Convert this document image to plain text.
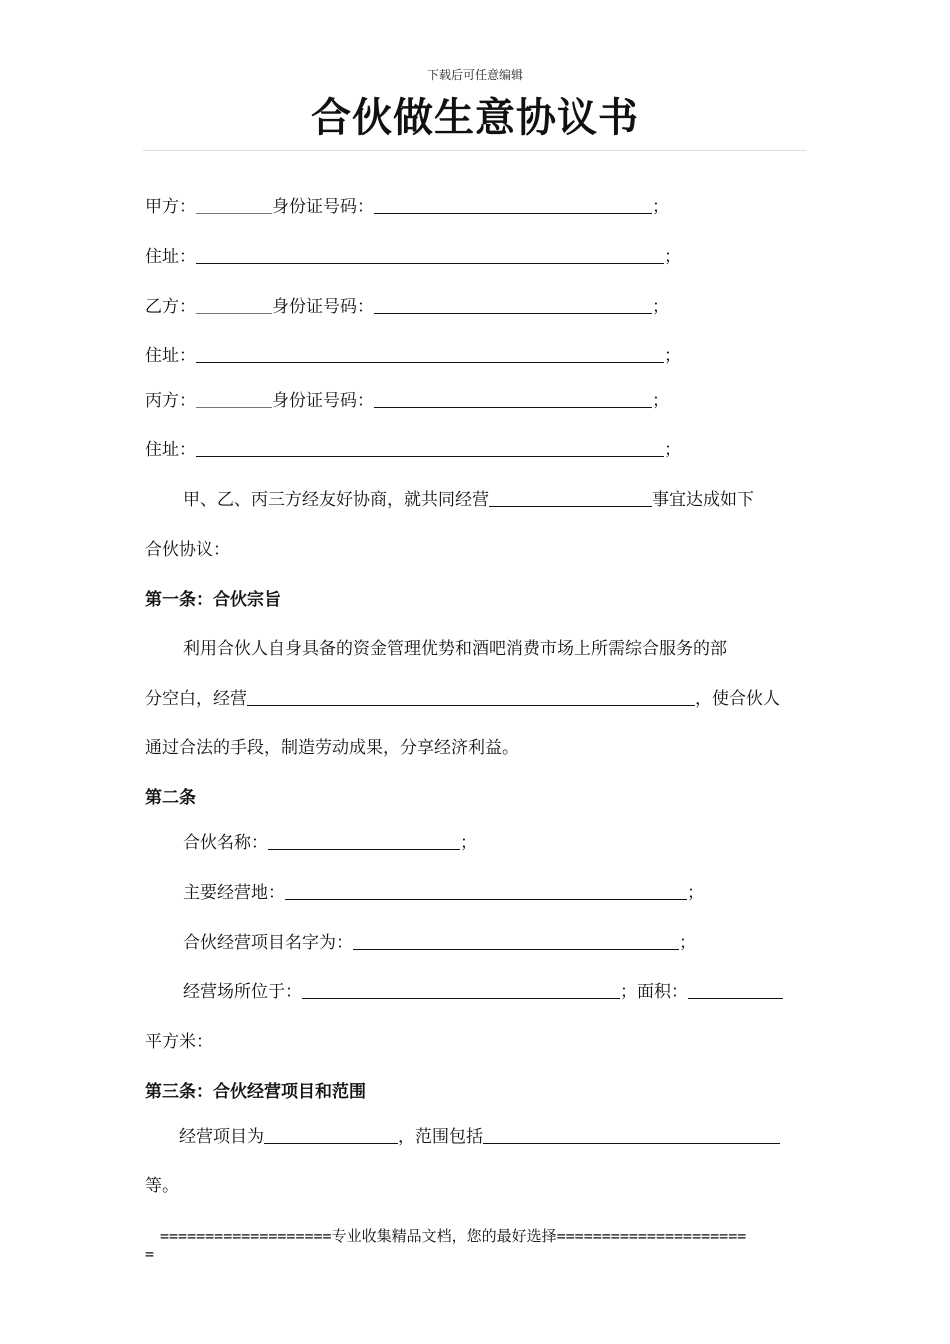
下载后可任意编辑
合伙做生意协议书
甲方：	身份证号码：	；
住址：	；
乙方：	身份证号码：	；
住址：	；
丙方：	身份证号码：	；
住址：	；
甲、乙、丙三方经友好协商，就共同经营	事宜达成如下
合伙协议：
第一条：合伙宗旨
利用合伙人自身具备的资金管理优势和酒吧消费市场上所需综合服务的部
分空白，经营	，使合伙人
通过合法的手段，制造劳动成果，分享经济利益。
第二条
合伙名称：	；
主要经营地：	；
合伙经营项目名字为：	；
经营场所位于：	；面积：
平方米：
第三条：合伙经营项目和范围
经营项目为	，范围包括
等。
===================专业收集精品文档，您的最好选择=====================
=
